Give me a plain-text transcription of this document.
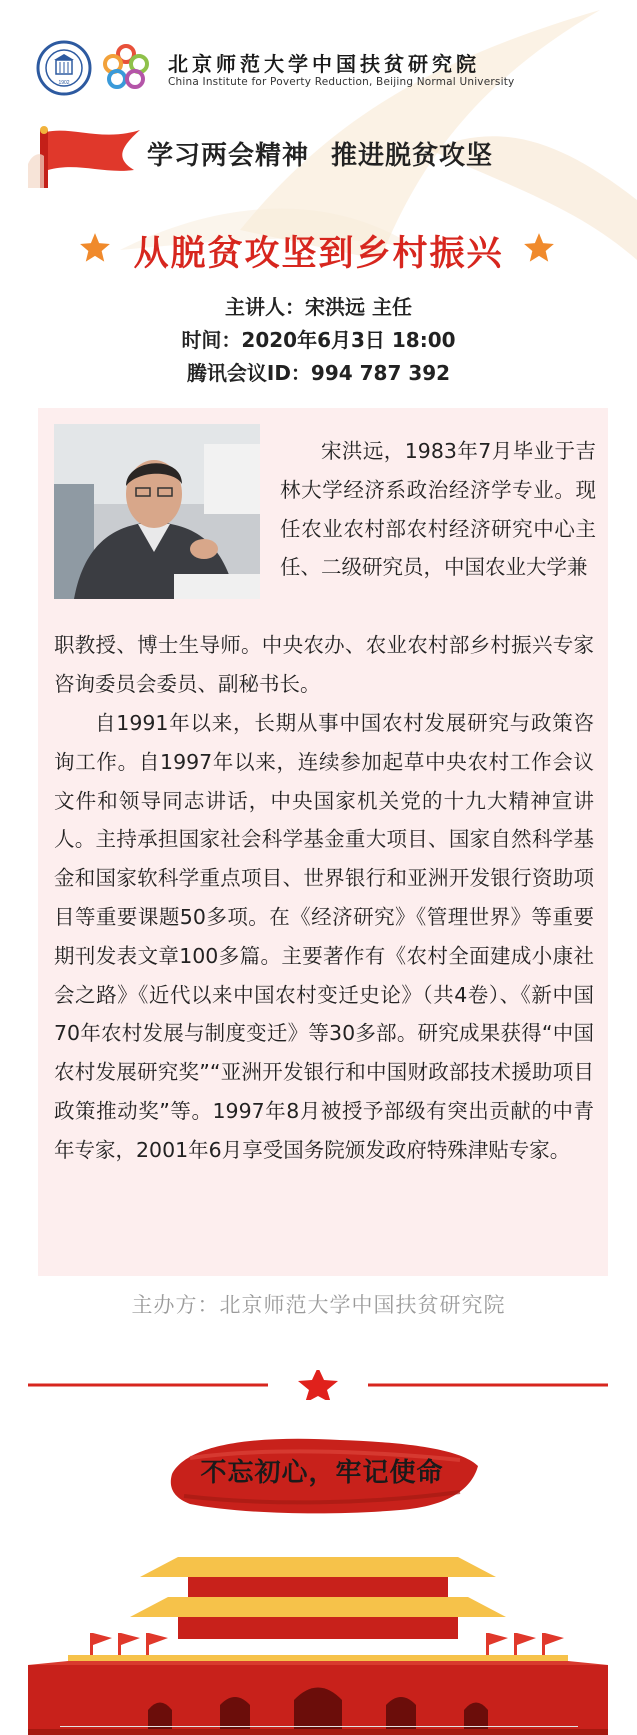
1902
北京师范大学中国扶贫研究院
China Institute for Poverty Reduction, Beijing Normal University
学习两会精神 推进脱贫攻坚
从脱贫攻坚到乡村振兴
主讲人：宋洪远 主任
时间：2020年6月3日 18:00
腾讯会议ID：994 787 392
宋洪远，1983年7月毕业于吉林大学经济系政治经济学专业。现任农业农村部农村经济研究中心主任、二级研究员，中国农业大学兼
职教授、博士生导师。中央农办、农业农村部乡村振兴专家咨询委员会委员、副秘书长。
自1991年以来，长期从事中国农村发展研究与政策咨询工作。自1997年以来，连续参加起草中央农村工作会议文件和领导同志讲话，中央国家机关党的十九大精神宣讲人。主持承担国家社会科学基金重大项目、国家自然科学基金和国家软科学重点项目、世界银行和亚洲开发银行资助项目等重要课题50多项。在《经济研究》《管理世界》等重要期刊发表文章100多篇。主要著作有《农村全面建成小康社会之路》《近代以来中国农村变迁史论》（共4卷）、《新中国70年农村发展与制度变迁》等30多部。研究成果获得“中国农村发展研究奖”“亚洲开发银行和中国财政部技术援助项目政策推动奖”等。1997年8月被授予部级有突出贡献的中青年专家，2001年6月享受国务院颁发政府特殊津贴专家。
主办方：北京师范大学中国扶贫研究院
不忘初心，牢记使命
